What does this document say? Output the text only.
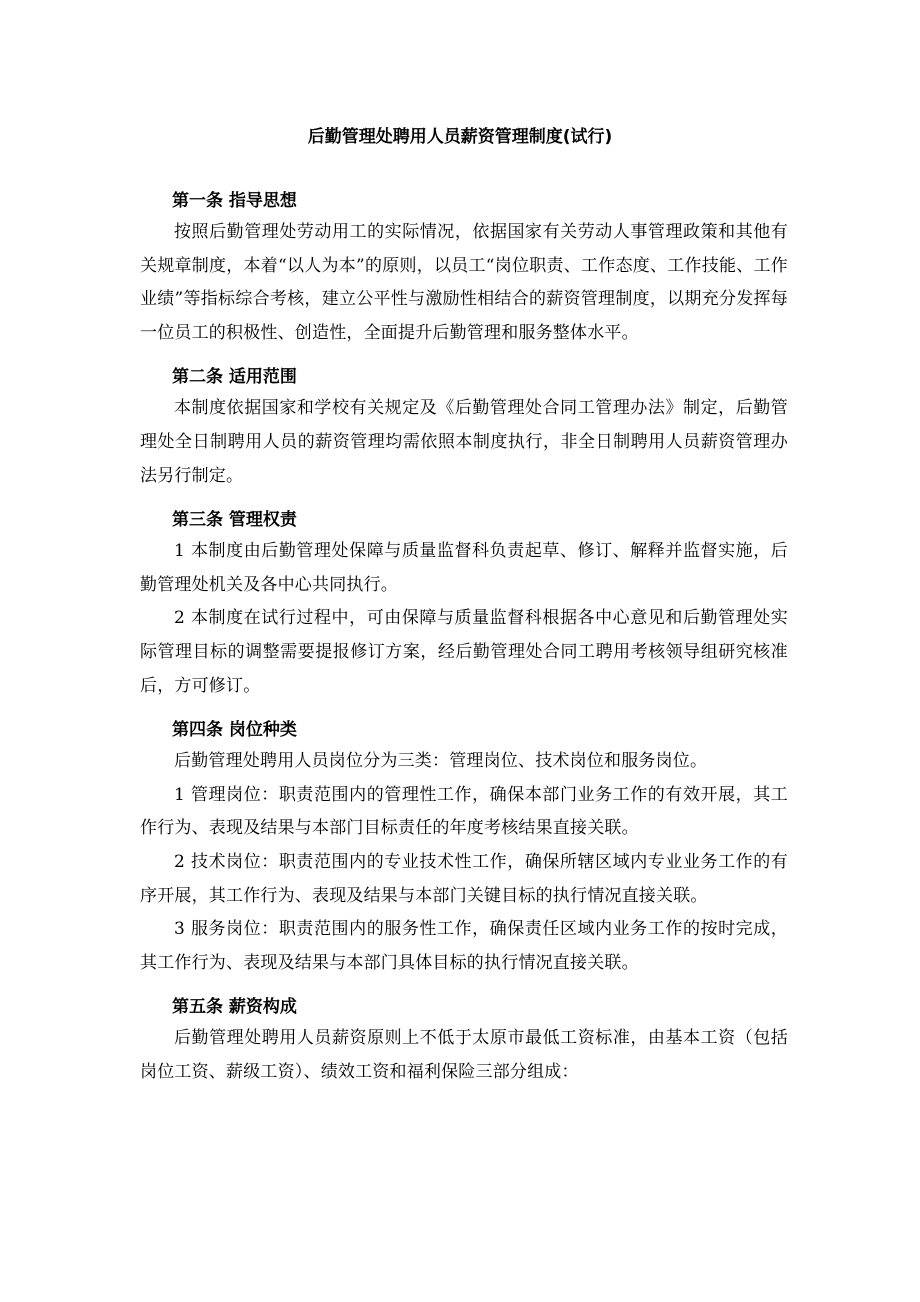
后勤管理处聘用人员薪资管理制度(试行)

第一条 指导思想

按照后勤管理处劳动用工的实际情况，依据国家有关劳动人事管理政策和其他有关规章制度，本着“以人为本”的原则，以员工“岗位职责、工作态度、工作技能、工作业绩”等指标综合考核，建立公平性与激励性相结合的薪资管理制度，以期充分发挥每一位员工的积极性、创造性，全面提升后勤管理和服务整体水平。

第二条 适用范围

本制度依据国家和学校有关规定及《后勤管理处合同工管理办法》制定，后勤管理处全日制聘用人员的薪资管理均需依照本制度执行，非全日制聘用人员薪资管理办法另行制定。

第三条 管理权责

1 本制度由后勤管理处保障与质量监督科负责起草、修订、解释并监督实施，后勤管理处机关及各中心共同执行。

2 本制度在试行过程中，可由保障与质量监督科根据各中心意见和后勤管理处实际管理目标的调整需要提报修订方案，经后勤管理处合同工聘用考核领导组研究核准后，方可修订。

第四条 岗位种类

后勤管理处聘用人员岗位分为三类：管理岗位、技术岗位和服务岗位。

1 管理岗位：职责范围内的管理性工作，确保本部门业务工作的有效开展，其工作行为、表现及结果与本部门目标责任的年度考核结果直接关联。

2 技术岗位：职责范围内的专业技术性工作，确保所辖区域内专业业务工作的有序开展，其工作行为、表现及结果与本部门关键目标的执行情况直接关联。

3 服务岗位：职责范围内的服务性工作，确保责任区域内业务工作的按时完成，其工作行为、表现及结果与本部门具体目标的执行情况直接关联。

第五条 薪资构成

后勤管理处聘用人员薪资原则上不低于太原市最低工资标准，由基本工资（包括岗位工资、薪级工资）、绩效工资和福利保险三部分组成：
